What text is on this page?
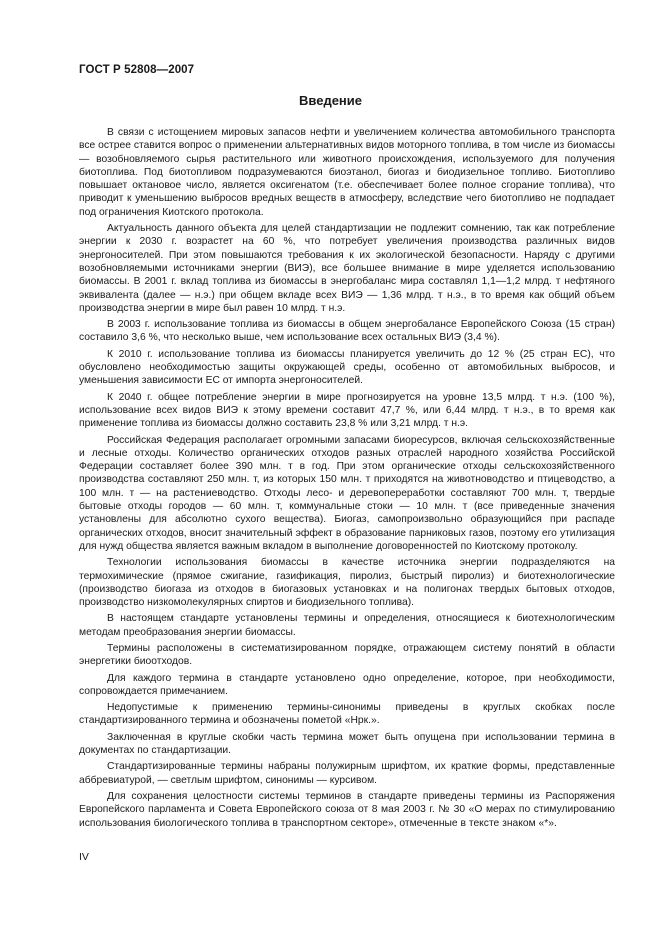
ГОСТ Р 52808—2007
Введение

В связи с истощением мировых запасов нефти и увеличением количества автомобильного транспорта все острее ставится вопрос о применении альтернативных видов моторного топлива, в том числе из биомассы — возобновляемого сырья растительного или животного происхождения, используемого для получения биотоплива. Под биотопливом подразумеваются биоэтанол, биогаз и биодизельное топливо. Биотопливо повышает октановое число, является оксигенатом (т.е. обеспечивает более полное сгорание топлива), что приводит к уменьшению выбросов вредных веществ в атмосферу, вследствие чего биотопливо не подпадает под ограничения Киотского протокола.

Актуальность данного объекта для целей стандартизации не подлежит сомнению, так как потребление энергии к 2030 г. возрастет на 60 %, что потребует увеличения производства различных видов энергоносителей. При этом повышаются требования к их экологической безопасности. Наряду с другими возобновляемыми источниками энергии (ВИЭ), все большее внимание в мире уделяется использованию биомассы. В 2001 г. вклад топлива из биомассы в энергобаланс мира составлял 1,1—1,2 млрд. т нефтяного эквивалента (далее — н.э.) при общем вкладе всех ВИЭ — 1,36 млрд. т н.э., в то время как общий объем производства энергии в мире был равен 10 млрд. т н.э.

В 2003 г. использование топлива из биомассы в общем энергобалансе Европейского Союза (15 стран) составило 3,6 %, что несколько выше, чем использование всех остальных ВИЭ (3,4 %).

К 2010 г. использование топлива из биомассы планируется увеличить до 12 % (25 стран ЕС), что обусловлено необходимостью защиты окружающей среды, особенно от автомобильных выбросов, и уменьшения зависимости ЕС от импорта энергоносителей.

К 2040 г. общее потребление энергии в мире прогнозируется на уровне 13,5 млрд. т н.э. (100 %), использование всех видов ВИЭ к этому времени составит 47,7 %, или 6,44 млрд. т н.э., в то время как применение топлива из биомассы должно составить 23,8 % или 3,21 млрд. т н.э.

Российская Федерация располагает огромными запасами биоресурсов, включая сельскохозяйственные и лесные отходы. Количество органических отходов разных отраслей народного хозяйства Российской Федерации составляет более 390 млн. т в год. При этом органические отходы сельскохозяйственного производства составляют 250 млн. т, из которых 150 млн. т приходятся на животноводство и птицеводство, а 100 млн. т — на растениеводство. Отходы лесо- и деревопереработки составляют 700 млн. т, твердые бытовые отходы городов — 60 млн. т, коммунальные стоки — 10 млн. т (все приведенные значения установлены для абсолютно сухого вещества). Биогаз, самопроизвольно образующийся при распаде органических отходов, вносит значительный эффект в образование парниковых газов, поэтому его утилизация для нужд общества является важным вкладом в выполнение договоренностей по Киотскому протоколу.

Технологии использования биомассы в качестве источника энергии подразделяются на термохимические (прямое сжигание, газификация, пиролиз, быстрый пиролиз) и биотехнологические (производство биогаза из отходов в биогазовых установках и на полигонах твердых бытовых отходов, производство низкомолекулярных спиртов и биодизельного топлива).

В настоящем стандарте установлены термины и определения, относящиеся к биотехнологическим методам преобразования энергии биомассы.

Термины расположены в систематизированном порядке, отражающем систему понятий в области энергетики биоотходов.

Для каждого термина в стандарте установлено одно определение, которое, при необходимости, сопровождается примечанием.

Недопустимые к применению термины-синонимы приведены в круглых скобках после стандартизированного термина и обозначены пометой «Нрк.».

Заключенная в круглые скобки часть термина может быть опущена при использовании термина в документах по стандартизации.

Стандартизированные термины набраны полужирным шрифтом, их краткие формы, представленные аббревиатурой, — светлым шрифтом, синонимы — курсивом.

Для сохранения целостности системы терминов в стандарте приведены термины из Распоряжения Европейского парламента и Совета Европейского союза от 8 мая 2003 г. № 30 «О мерах по стимулированию использования биологического топлива в транспортном секторе», отмеченные в тексте знаком «*».

IV
